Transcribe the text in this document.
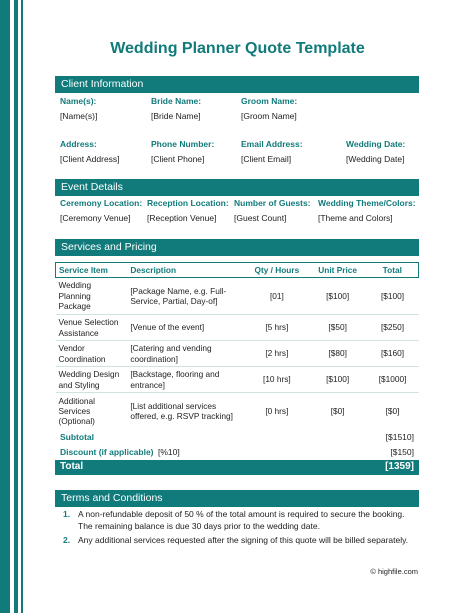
Wedding Planner Quote Template
Client Information
Name(s):
[Name(s)]
Bride Name:
[Bride Name]
Groom Name:
[Groom Name]
Address:
[Client Address]
Phone Number:
[Client Phone]
Email Address:
[Client Email]
Wedding Date:
[Wedding Date]
Event Details
Ceremony Location:
[Ceremony Venue]
Reception Location:
[Reception Venue]
Number of Guests:
[Guest Count]
Wedding Theme/Colors:
[Theme and Colors]
Services and Pricing
Service Item	Description	Qty / Hours	Unit Price	Total
Wedding Planning Package	[Package Name, e.g. Full-Service, Partial, Day-of]	[01]	[$100]	[$100]
Venue Selection Assistance	[Venue of the event]	[5 hrs]	[$50]	[$250]
Vendor Coordination	[Catering and vending coordination]	[2 hrs]	[$80]	[$160]
Wedding Design and Styling	[Backstage, flooring and entrance]	[10 hrs]	[$100]	[$1000]
Additional Services (Optional)	[List additional services offered, e.g. RSVP tracking]	[0 hrs]	[$0]	[$0]
Subtotal	[$1510]
Discount (if applicable) [%10]	[$150]
Total	[1359]
Terms and Conditions
1. A non-refundable deposit of 50 % of the total amount is required to secure the booking. The remaining balance is due 30 days prior to the wedding date.
2. Any additional services requested after the signing of this quote will be billed separately.
© highfile.com
